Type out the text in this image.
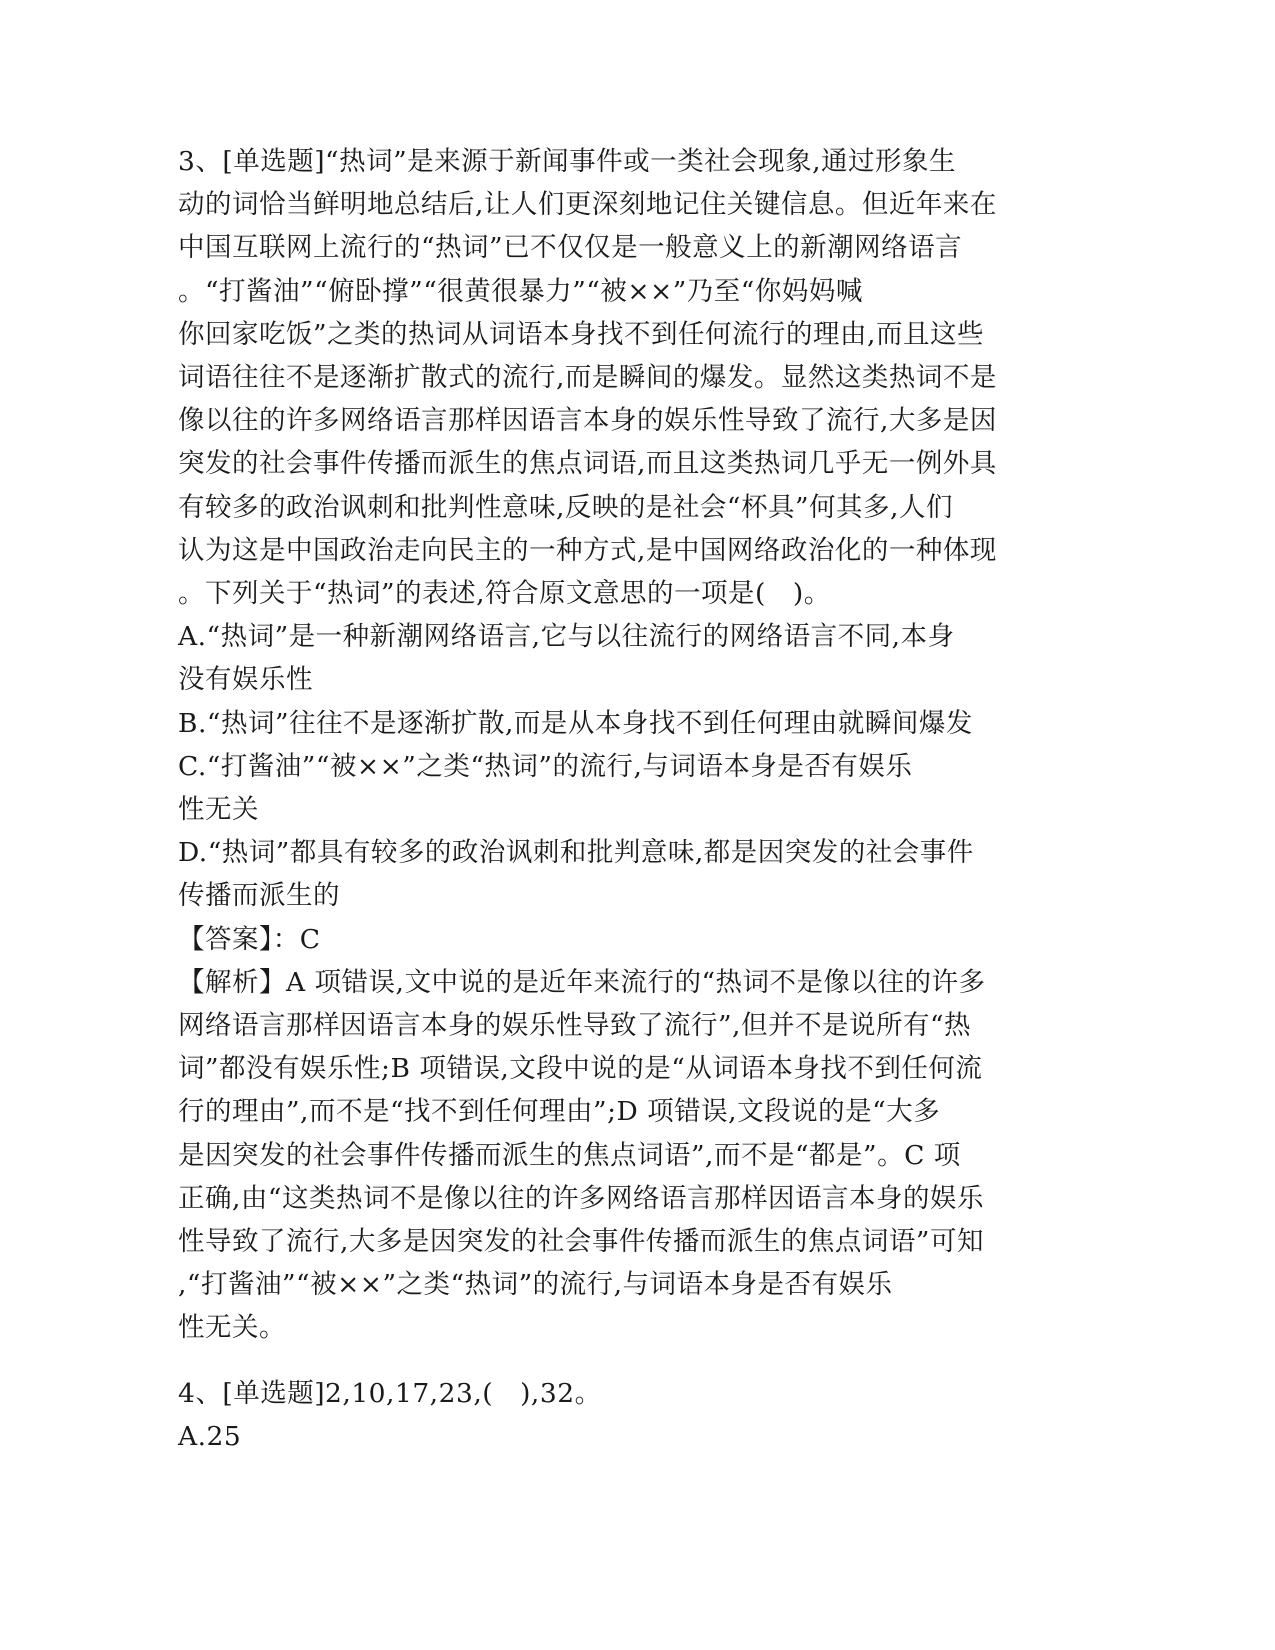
3、[单选题]“热词”是来源于新闻事件或一类社会现象,通过形象生
动的词恰当鲜明地总结后,让人们更深刻地记住关键信息。但近年来在
中国互联网上流行的“热词”已不仅仅是一般意义上的新潮网络语言
。“打酱油”“俯卧撑”“很黄很暴力”“被××”乃至“你妈妈喊
你回家吃饭”之类的热词从词语本身找不到任何流行的理由,而且这些
词语往往不是逐渐扩散式的流行,而是瞬间的爆发。显然这类热词不是
像以往的许多网络语言那样因语言本身的娱乐性导致了流行,大多是因
突发的社会事件传播而派生的焦点词语,而且这类热词几乎无一例外具
有较多的政治讽刺和批判性意味,反映的是社会“杯具”何其多,人们
认为这是中国政治走向民主的一种方式,是中国网络政治化的一种体现
。下列关于“热词”的表述,符合原文意思的一项是(　)。
A.“热词”是一种新潮网络语言,它与以往流行的网络语言不同,本身
没有娱乐性
B.“热词”往往不是逐渐扩散,而是从本身找不到任何理由就瞬间爆发
C.“打酱油”“被××”之类“热词”的流行,与词语本身是否有娱乐
性无关
D.“热词”都具有较多的政治讽刺和批判意味,都是因突发的社会事件
传播而派生的
【答案】：C
【解析】A 项错误,文中说的是近年来流行的“热词不是像以往的许多
网络语言那样因语言本身的娱乐性导致了流行”,但并不是说所有“热
词”都没有娱乐性;B 项错误,文段中说的是“从词语本身找不到任何流
行的理由”,而不是“找不到任何理由”;D 项错误,文段说的是“大多
是因突发的社会事件传播而派生的焦点词语”,而不是“都是”。C 项
正确,由“这类热词不是像以往的许多网络语言那样因语言本身的娱乐
性导致了流行,大多是因突发的社会事件传播而派生的焦点词语”可知
,“打酱油”“被××”之类“热词”的流行,与词语本身是否有娱乐
性无关。
4、[单选题]2,10,17,23,(　),32。
A.25
